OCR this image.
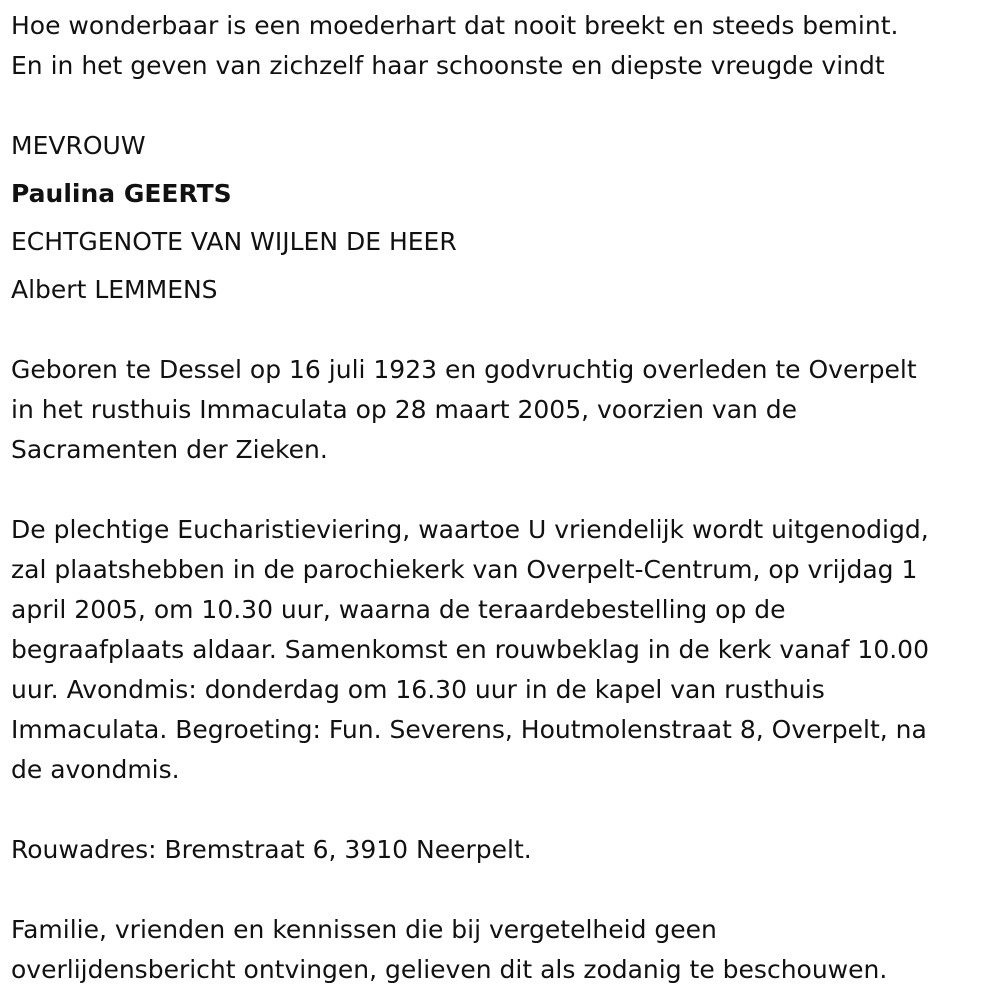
Hoe wonderbaar is een moederhart dat nooit breekt en steeds bemint.
En in het geven van zichzelf haar schoonste en diepste vreugde vindt
MEVROUW
Paulina GEERTS
ECHTGENOTE VAN WIJLEN DE HEER
Albert LEMMENS
Geboren te Dessel op 16 juli 1923 en godvruchtig overleden te Overpelt
in het rusthuis Immaculata op 28 maart 2005, voorzien van de
Sacramenten der Zieken.
De plechtige Eucharistieviering, waartoe U vriendelijk wordt uitgenodigd,
zal plaatshebben in de parochiekerk van Overpelt-Centrum, op vrijdag 1
april 2005, om 10.30 uur, waarna de teraardebestelling op de
begraafplaats aldaar. Samenkomst en rouwbeklag in de kerk vanaf 10.00
uur. Avondmis: donderdag om 16.30 uur in de kapel van rusthuis
Immaculata. Begroeting: Fun. Severens, Houtmolenstraat 8, Overpelt, na
de avondmis.
Rouwadres: Bremstraat 6, 3910 Neerpelt.
Familie, vrienden en kennissen die bij vergetelheid geen
overlijdensbericht ontvingen, gelieven dit als zodanig te beschouwen.
